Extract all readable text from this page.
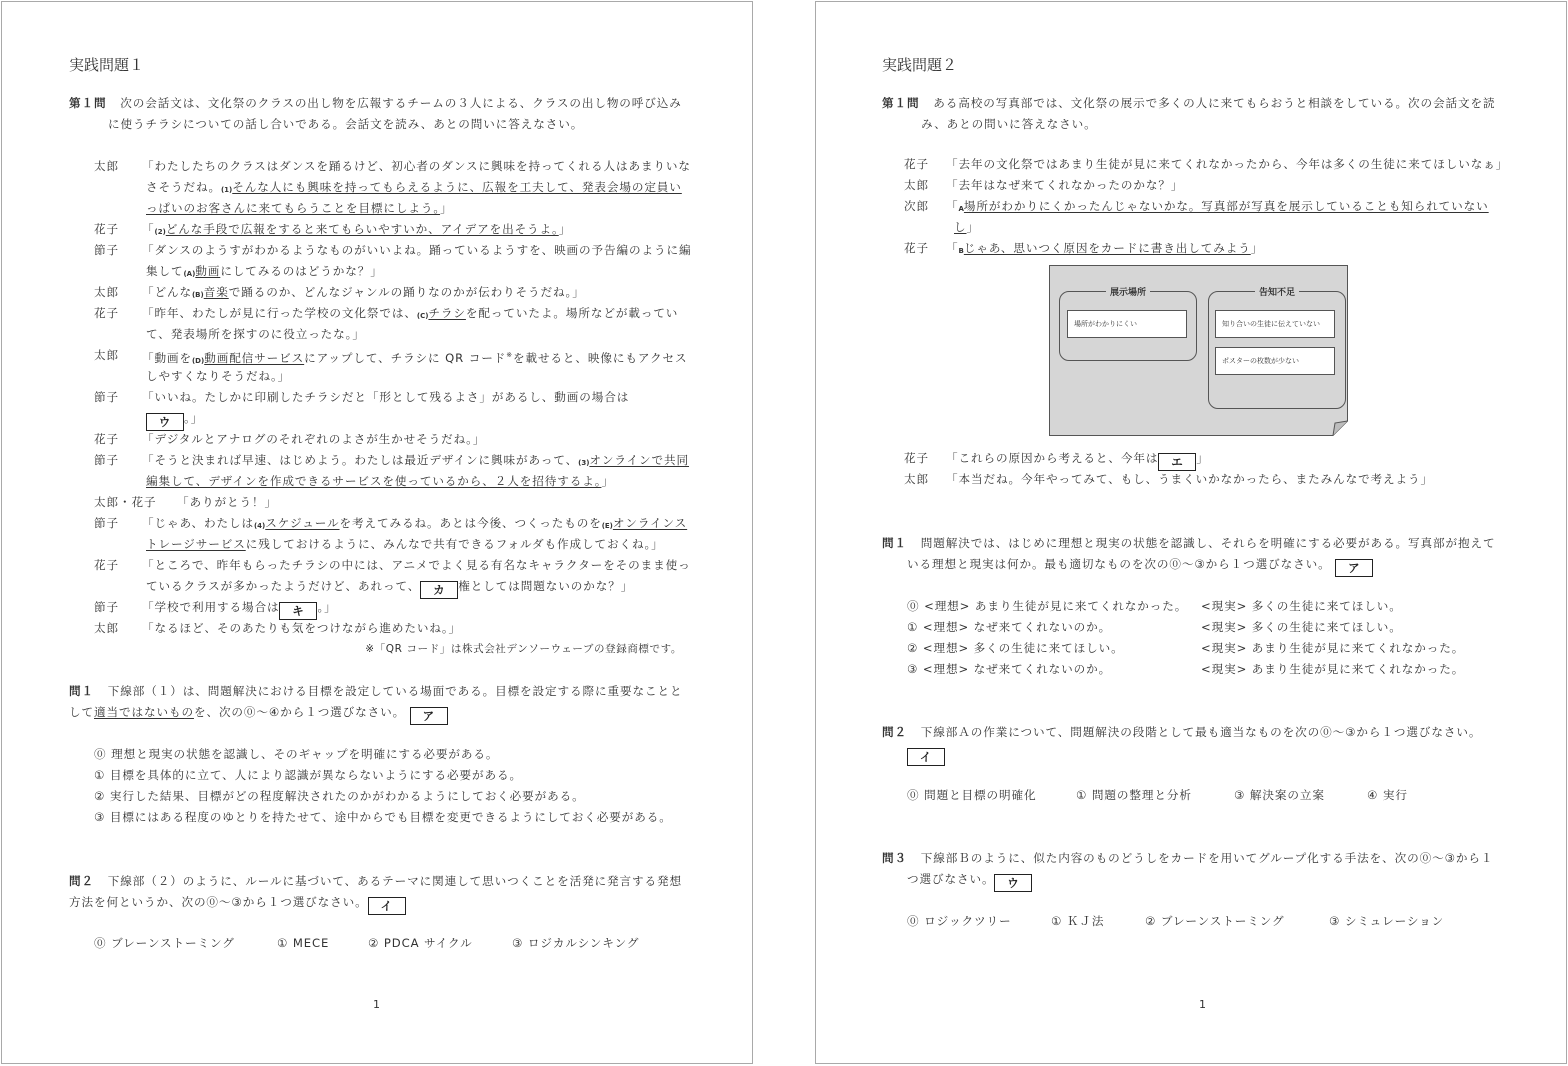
実践問題１
第１問 次の会話文は、文化祭のクラスの出し物を広報するチームの３人による、クラスの出し物の呼び込み
に使うチラシについての話し合いである。会話文を読み、あとの問いに答えなさい。
太郎 「わたしたちのクラスはダンスを踊るけど、初心者のダンスに興味を持ってくれる人はあまりいな
さそうだね。(1)そんな人にも興味を持ってもらえるように、広報を工夫して、発表会場の定員い
っぱいのお客さんに来てもらうことを目標にしよう。」
花子 「(2)どんな手段で広報をすると来てもらいやすいか、アイデアを出そうよ。」
節子 「ダンスのようすがわかるようなものがいいよね。踊っているようすを、映画の予告編のように編
集して(A)動画にしてみるのはどうかな？」
太郎 「どんな(B)音楽で踊るのか、どんなジャンルの踊りなのかが伝わりそうだね。」
花子 「昨年、わたしが見に行った学校の文化祭では、(C)チラシを配っていたよ。場所などが載ってい
て、発表場所を探すのに役立ったな。」
太郎 「動画を(D)動画配信サービスにアップして、チラシに QR コード※を載せると、映像にもアクセス
しやすくなりそうだね。」
節子 「いいね。たしかに印刷したチラシだと「形として残るよさ」があるし、動画の場合は
ウ 。」
花子 「デジタルとアナログのそれぞれのよさが生かせそうだね。」
節子 「そうと決まれば早速、はじめよう。わたしは最近デザインに興味があって、(3)オンラインで共同
編集して、デザインを作成できるサービスを使っているから、２人を招待するよ。」
太郎・花子 「ありがとう！」
節子 「じゃあ、わたしは(4)スケジュールを考えてみるね。あとは今後、つくったものを(E)オンラインス
トレージサービスに残しておけるように、みんなで共有できるフォルダも作成しておくね。」
花子 「ところで、昨年もらったチラシの中には、アニメでよく見る有名なキャラクターをそのまま使っ
ているクラスが多かったようだけど、あれって、 カ 権としては問題ないのかな？」
節子 「学校で利用する場合は キ 。」
太郎 「なるほど、そのあたりも気をつけながら進めたいね。」
※「QR コード」は株式会社デンソーウェーブの登録商標です。
問１ 下線部（１）は、問題解決における目標を設定している場面である。目標を設定する際に重要なことと
して適当ではないものを、次の⓪〜④から１つ選びなさい。 ア
⓪ 理想と現実の状態を認識し、そのギャップを明確にする必要がある。
① 目標を具体的に立て、人により認識が異ならないようにする必要がある。
② 実行した結果、目標がどの程度解決されたのかがわかるようにしておく必要がある。
③ 目標にはある程度のゆとりを持たせて、途中からでも目標を変更できるようにしておく必要がある。
問２ 下線部（２）のように、ルールに基づいて、あるテーマに関連して思いつくことを活発に発言する発想
方法を何というか、次の⓪〜③から１つ選びなさい。 イ
⓪ ブレーンストーミング	① MECE	② PDCA サイクル	③ ロジカルシンキング
1
実践問題２
第１問 ある高校の写真部では、文化祭の展示で多くの人に来てもらおうと相談をしている。次の会話文を読
み、あとの問いに答えなさい。
花子 「去年の文化祭ではあまり生徒が見に来てくれなかったから、今年は多くの生徒に来てほしいなぁ」
太郎 「去年はなぜ来てくれなかったのかな？」
次郎 「A場所がわかりにくかったんじゃないかな。写真部が写真を展示していることも知られていない
し」
花子 「Bじゃあ、思いつく原因をカードに書き出してみよう」
展示場所
場所がわかりにくい
告知不足
知り合いの生徒に伝えていない
ポスターの枚数が少ない
花子 「これらの原因から考えると、今年は エ 」
太郎 「本当だね。今年やってみて、もし、うまくいかなかったら、またみんなで考えよう」
問１ 問題解決では、はじめに理想と現実の状態を認識し、それらを明確にする必要がある。写真部が抱えて
いる理想と現実は何か。最も適切なものを次の⓪〜③から１つ選びなさい。 ア
⓪ <理想> あまり生徒が見に来てくれなかった。 <現実> 多くの生徒に来てほしい。
① <理想> なぜ来てくれないのか。	<現実> 多くの生徒に来てほしい。
② <理想> 多くの生徒に来てほしい。	<現実> あまり生徒が見に来てくれなかった。
③ <理想> なぜ来てくれないのか。	<現実> あまり生徒が見に来てくれなかった。
問２ 下線部Ａの作業について、問題解決の段階として最も適当なものを次の⓪〜③から１つ選びなさい。
イ
⓪ 問題と目標の明確化	① 問題の整理と分析	③ 解決案の立案	④ 実行
問３ 下線部Ｂのように、似た内容のものどうしをカードを用いてグループ化する手法を、次の⓪〜③から１
つ選びなさい。 ウ
⓪ ロジックツリー	① ＫＪ法	② ブレーンストーミング	③ シミュレーション
1
